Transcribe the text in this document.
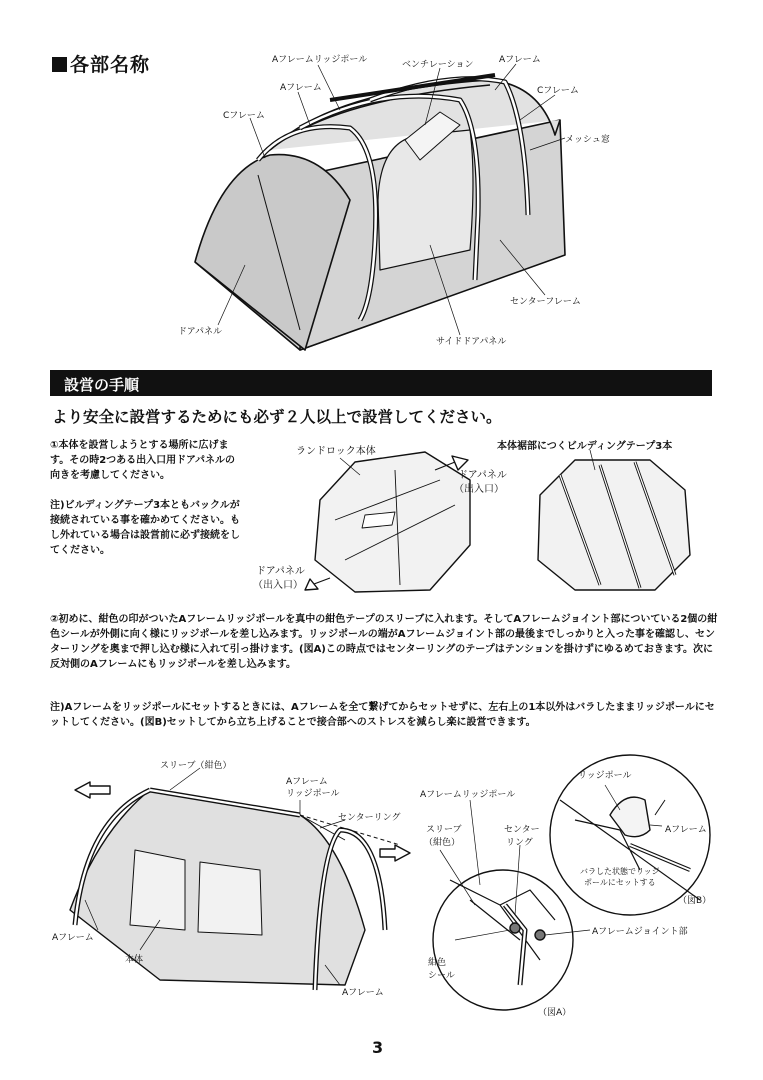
各部名称	Aフレームリッジポール	ベンチレーション	Aフレーム
Aフレーム	Cフレーム
Cフレーム
メッシュ窓
センターフレーム
ドアパネル
サイドドアパネル
設営の手順
より安全に設営するためにも必ず２人以上で設営してください。
①本体を設営しようとする場所に広げます。その時2つある出入口用ドアパネルの向きを考慮してください。
注)ビルディングテープ3本ともバックルが接続されている事を確かめてください。もし外れている場合は設営前に必ず接続をしてください。
ランドロック本体
ドアパネル
（出入口）
ドアパネル
（出入口）
本体裾部につくビルディングテープ3本
②初めに、紺色の印がついたAフレームリッジポールを真中の紺色テープのスリーブに入れます。そしてAフレームジョイント部についている2個の紺色シールが外側に向く様にリッジポールを差し込みます。リッジポールの端がAフレームジョイント部の最後までしっかりと入った事を確認し、センターリングを奥まで押し込む様に入れて引っ掛けます。(図A)この時点ではセンターリングのテープはテンションを掛けずにゆるめておきます。次に反対側のAフレームにもリッジポールを差し込みます。
注)Aフレームをリッジポールにセットするときには、Aフレームを全て繋げてからセットせずに、左右上の1本以外はバラしたままリッジポールにセットしてください。(図B)セットしてから立ち上げることで接合部へのストレスを減らし楽に設営できます。
スリーブ（紺色）
Aフレーム
リッジポール
センターリング
Aフレーム
本体
Aフレーム
Aフレームリッジポール
スリーブ
（紺色）
センター
リング
紺色
シール
Aフレームジョイント部
（図A）
リッジポール
Aフレーム
バラした状態でリッジ
ポールにセットする
（図B）
3
